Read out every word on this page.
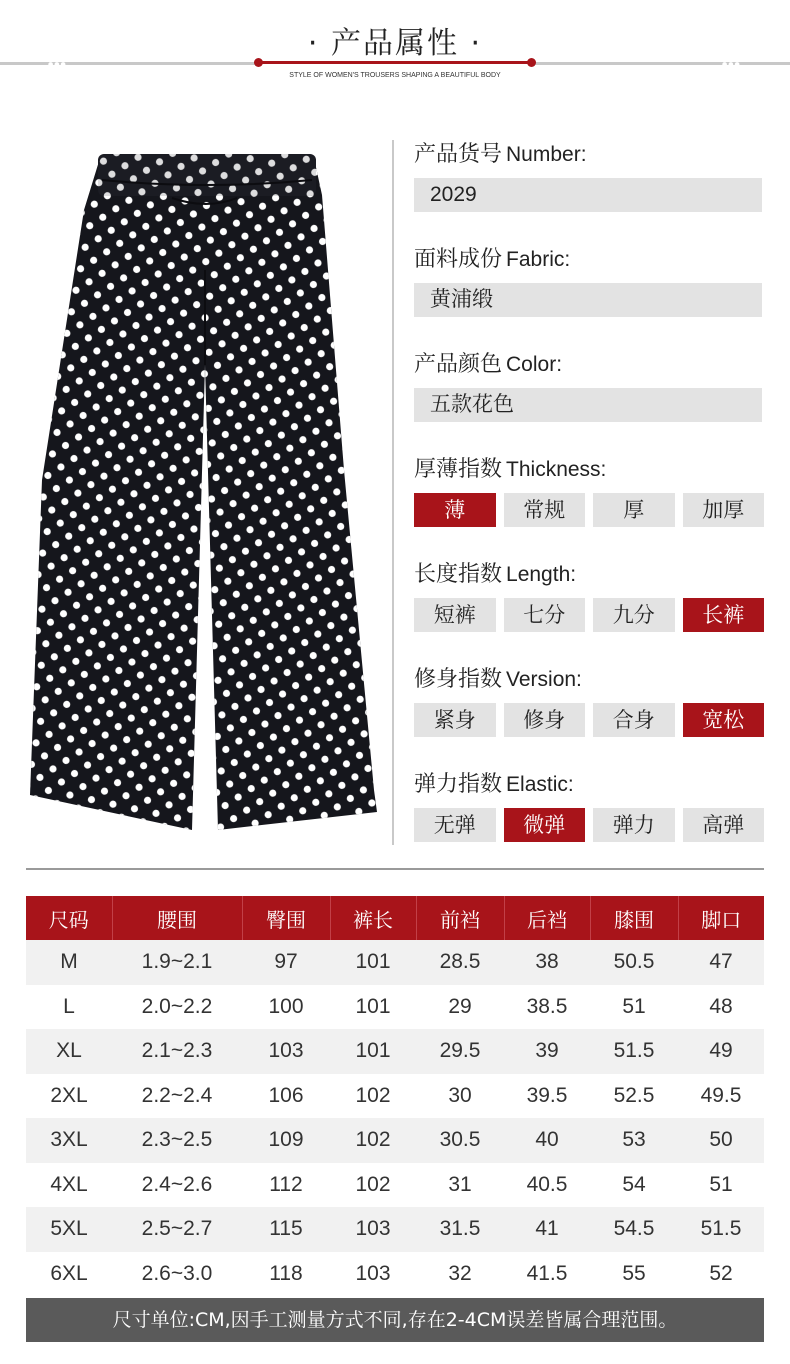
●●●	●●●
· 产品属性 ·
STYLE OF WOMEN'S TROUSERS SHAPING A BEAUTIFUL BODY
产品货号 Number:
2029
面料成份 Fabric:
黄浦缎
产品颜色 Color:
五款花色
厚薄指数 Thickness:
薄	常规	厚	加厚
长度指数 Length:
短裤	七分	九分	长裤
修身指数 Version:
紧身	修身	合身	宽松
弹力指数 Elastic:
无弹	微弹	弹力	高弹
尺码	腰围	臀围	裤长	前裆	后裆	膝围	脚口
M	1.9~2.1	97	101	28.5	38	50.5	47
L	2.0~2.2	100	101	29	38.5	51	48
XL	2.1~2.3	103	101	29.5	39	51.5	49
2XL	2.2~2.4	106	102	30	39.5	52.5	49.5
3XL	2.3~2.5	109	102	30.5	40	53	50
4XL	2.4~2.6	112	102	31	40.5	54	51
5XL	2.5~2.7	115	103	31.5	41	54.5	51.5
6XL	2.6~3.0	118	103	32	41.5	55	52
尺寸单位:CM,因手工测量方式不同,存在2-4CM误差皆属合理范围。
